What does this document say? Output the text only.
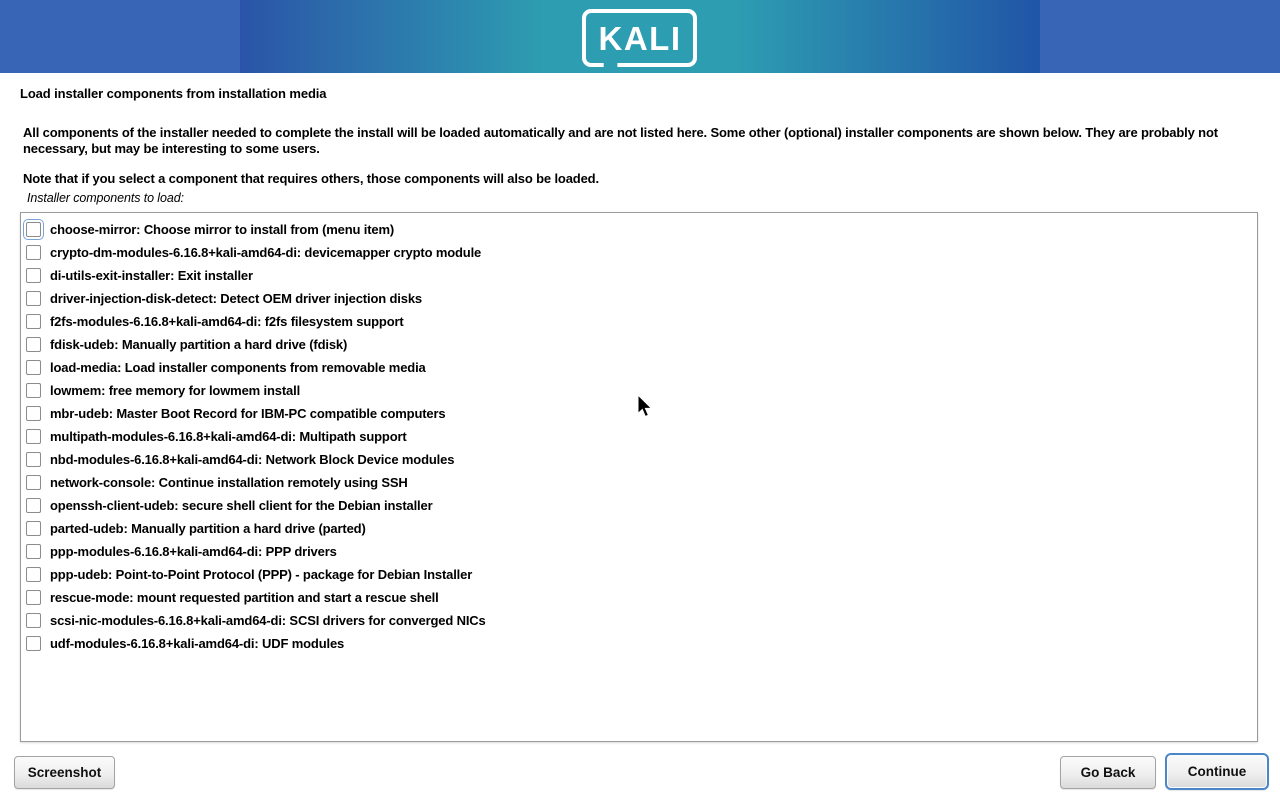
KALI
Load installer components from installation media
All components of the installer needed to complete the install will be loaded automatically and are not listed here. Some other (optional) installer components are shown below. They are probably not necessary, but may be interesting to some users.
Note that if you select a component that requires others, those components will also be loaded.
Installer components to load:
choose-mirror: Choose mirror to install from (menu item)
crypto-dm-modules-6.16.8+kali-amd64-di: devicemapper crypto module
di-utils-exit-installer: Exit installer
driver-injection-disk-detect: Detect OEM driver injection disks
f2fs-modules-6.16.8+kali-amd64-di: f2fs filesystem support
fdisk-udeb: Manually partition a hard drive (fdisk)
load-media: Load installer components from removable media
lowmem: free memory for lowmem install
mbr-udeb: Master Boot Record for IBM-PC compatible computers
multipath-modules-6.16.8+kali-amd64-di: Multipath support
nbd-modules-6.16.8+kali-amd64-di: Network Block Device modules
network-console: Continue installation remotely using SSH
openssh-client-udeb: secure shell client for the Debian installer
parted-udeb: Manually partition a hard drive (parted)
ppp-modules-6.16.8+kali-amd64-di: PPP drivers
ppp-udeb: Point-to-Point Protocol (PPP) - package for Debian Installer
rescue-mode: mount requested partition and start a rescue shell
scsi-nic-modules-6.16.8+kali-amd64-di: SCSI drivers for converged NICs
udf-modules-6.16.8+kali-amd64-di: UDF modules
Screenshot	Go Back	Continue
